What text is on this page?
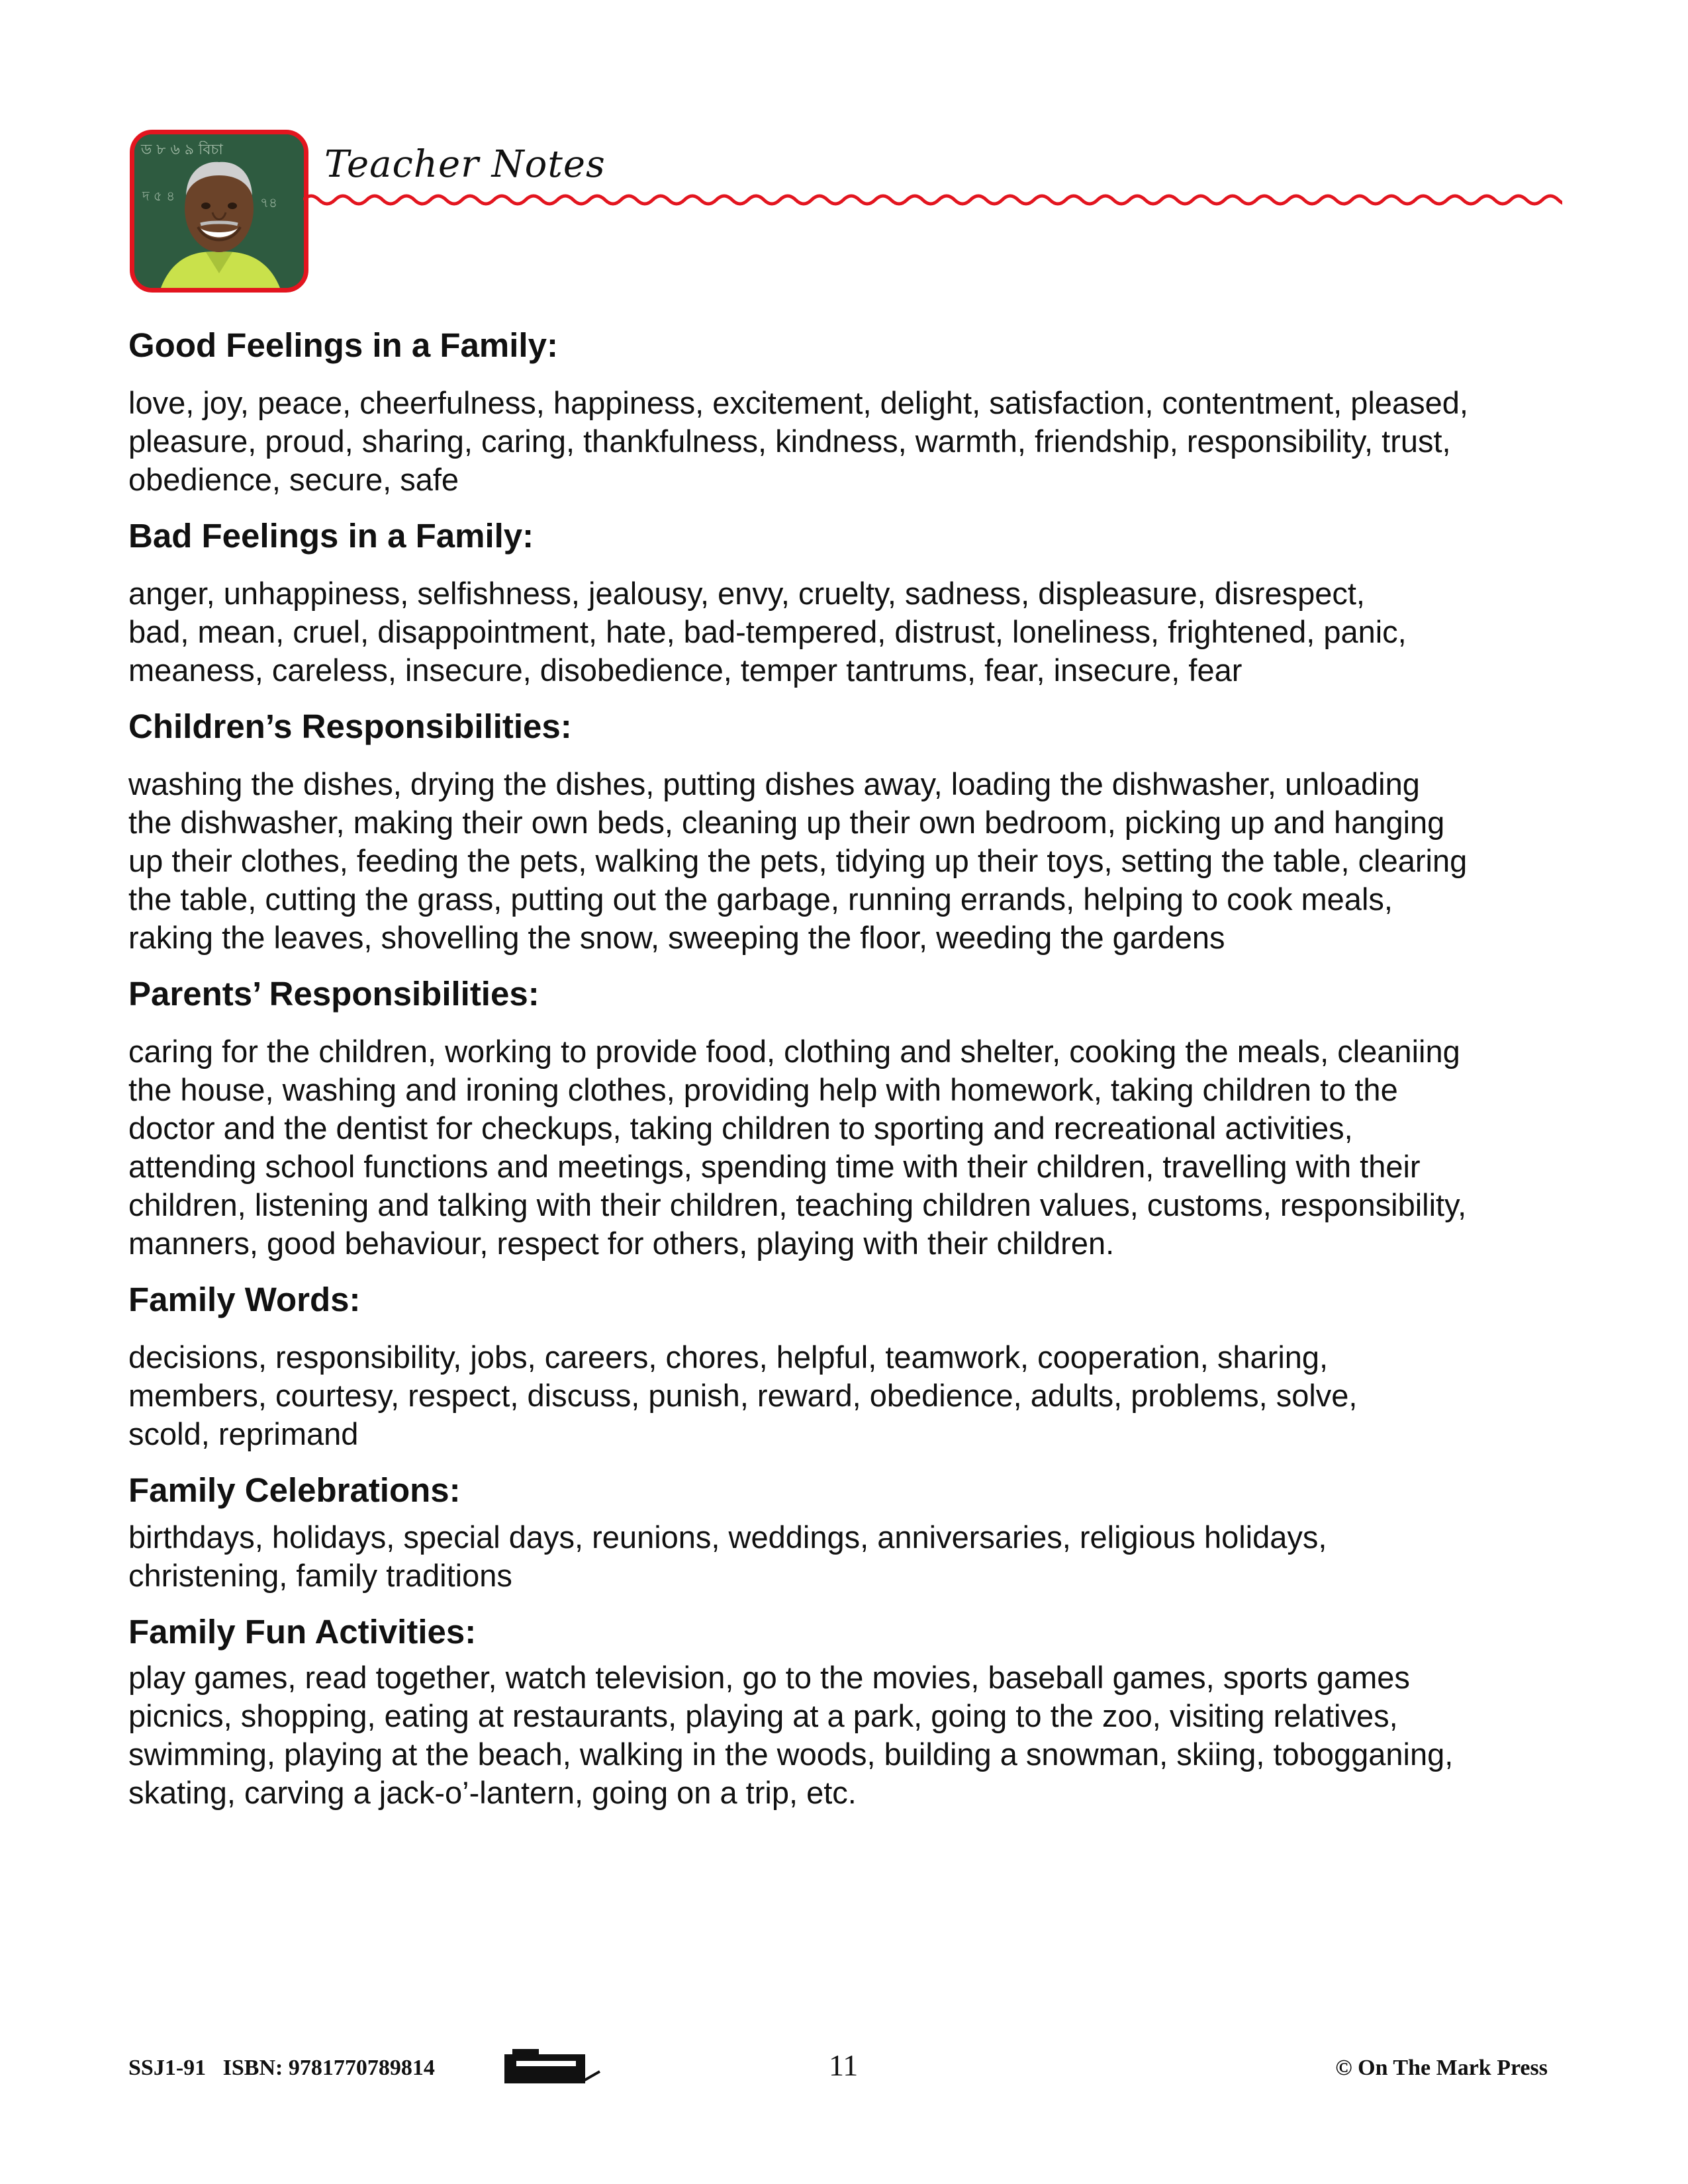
ড ৮ ৬ ৯ বিচা
দ ৫ ৪	৭৪
Teacher Notes
Good Feelings in a Family:

love, joy, peace, cheerfulness, happiness, excitement, delight, satisfaction, contentment, pleased,
pleasure, proud, sharing, caring, thankfulness, kindness, warmth, friendship, responsibility, trust,
obedience, secure, safe

Bad Feelings in a Family:

anger, unhappiness, selfishness, jealousy, envy, cruelty, sadness, displeasure, disrespect,
bad, mean, cruel, disappointment, hate, bad-tempered, distrust, loneliness, frightened, panic,
meaness, careless, insecure, disobedience, temper tantrums, fear, insecure, fear

Children’s Responsibilities:

washing the dishes, drying the dishes, putting dishes away, loading the dishwasher, unloading
the dishwasher, making their own beds, cleaning up their own bedroom, picking up and hanging
up their clothes, feeding the pets, walking the pets, tidying up their toys, setting the table, clearing
the table, cutting the grass, putting out the garbage, running errands, helping to cook meals,
raking the leaves, shovelling the snow, sweeping the floor, weeding the gardens

Parents’ Responsibilities:

caring for the children, working to provide food, clothing and shelter, cooking the meals, cleaniing
the house, washing and ironing clothes, providing help with homework, taking children to the
doctor and the dentist for checkups, taking children to sporting and recreational activities,
attending school functions and meetings, spending time with their children, travelling with their
children, listening and talking with their children, teaching children values, customs, responsibility,
manners, good behaviour, respect for others, playing with their children.

Family Words:

decisions, responsibility, jobs, careers, chores, helpful, teamwork, cooperation, sharing,
members, courtesy, respect, discuss, punish, reward, obedience, adults, problems, solve,
scold, reprimand

Family Celebrations:

birthdays, holidays, special days, reunions, weddings, anniversaries, religious holidays,
christening, family traditions

Family Fun Activities:

play games, read together, watch television, go to the movies, baseball games, sports games
picnics, shopping, eating at restaurants, playing at a park, going to the zoo, visiting relatives,
swimming, playing at the beach, walking in the woods, building a snowman, skiing, tobogganing,
skating, carving a jack-o’-lantern, going on a trip, etc.

SSJ1-91   ISBN: 9781770789814	11	© On The Mark Press
